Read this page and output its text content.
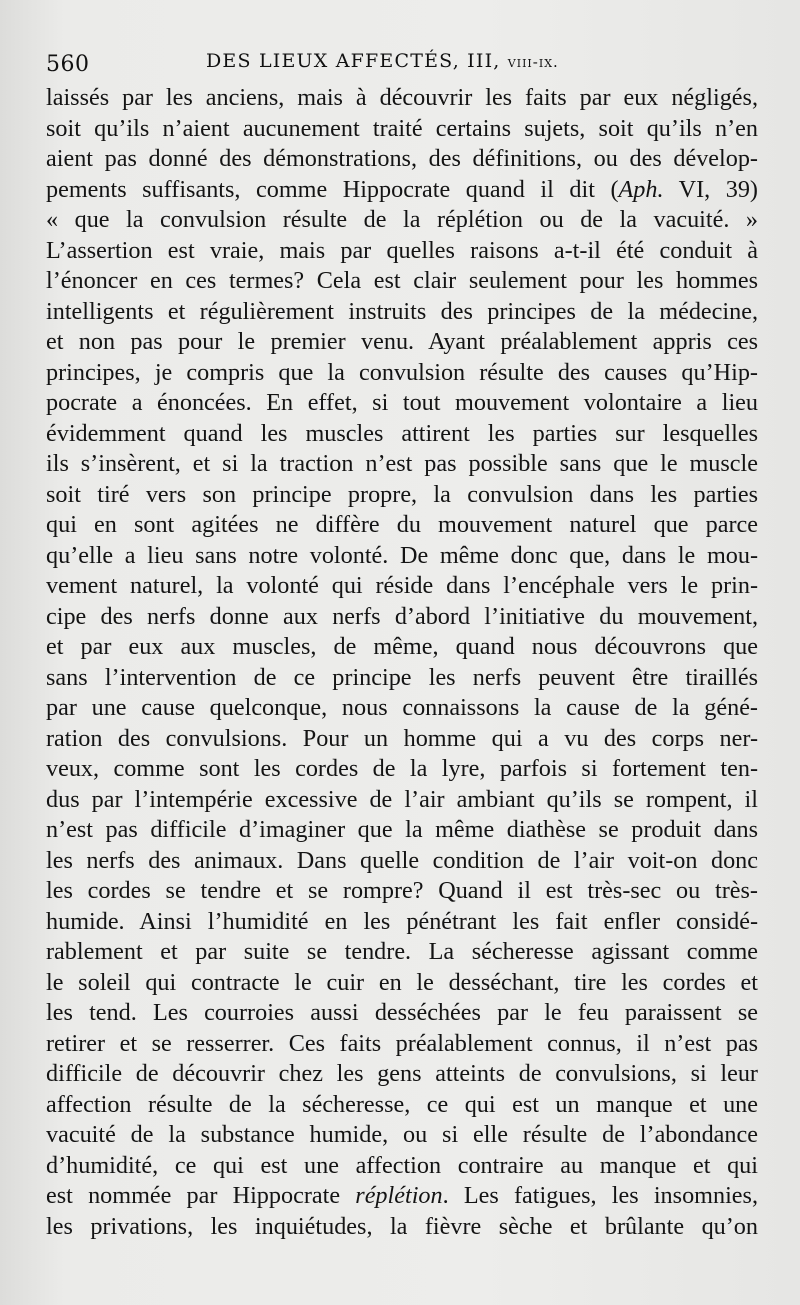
560	DES LIEUX AFFECTÉS, III, viii-ix.
laissés par les anciens, mais à découvrir les faits par eux négligés,
soit qu’ils n’aient aucunement traité certains sujets, soit qu’ils n’en
aient pas donné des démonstrations, des définitions, ou des dévelop-
pements suffisants, comme Hippocrate quand il dit (Aph. VI, 39)
« que la convulsion résulte de la réplétion ou de la vacuité. »
L’assertion est vraie, mais par quelles raisons a-t-il été conduit à
l’énoncer en ces termes? Cela est clair seulement pour les hommes
intelligents et régulièrement instruits des principes de la médecine,
et non pas pour le premier venu. Ayant préalablement appris ces
principes, je compris que la convulsion résulte des causes qu’Hip-
pocrate a énoncées. En effet, si tout mouvement volontaire a lieu
évidemment quand les muscles attirent les parties sur lesquelles
ils s’insèrent, et si la traction n’est pas possible sans que le muscle
soit tiré vers son principe propre, la convulsion dans les parties
qui en sont agitées ne diffère du mouvement naturel que parce
qu’elle a lieu sans notre volonté. De même donc que, dans le mou-
vement naturel, la volonté qui réside dans l’encéphale vers le prin-
cipe des nerfs donne aux nerfs d’abord l’initiative du mouvement,
et par eux aux muscles, de même, quand nous découvrons que
sans l’intervention de ce principe les nerfs peuvent être tiraillés
par une cause quelconque, nous connaissons la cause de la géné-
ration des convulsions. Pour un homme qui a vu des corps ner-
veux, comme sont les cordes de la lyre, parfois si fortement ten-
dus par l’intempérie excessive de l’air ambiant qu’ils se rompent, il
n’est pas difficile d’imaginer que la même diathèse se produit dans
les nerfs des animaux. Dans quelle condition de l’air voit-on donc
les cordes se tendre et se rompre? Quand il est très-sec ou très-
humide. Ainsi l’humidité en les pénétrant les fait enfler considé-
rablement et par suite se tendre. La sécheresse agissant comme
le soleil qui contracte le cuir en le desséchant, tire les cordes et
les tend. Les courroies aussi desséchées par le feu paraissent se
retirer et se resserrer. Ces faits préalablement connus, il n’est pas
difficile de découvrir chez les gens atteints de convulsions, si leur
affection résulte de la sécheresse, ce qui est un manque et une
vacuité de la substance humide, ou si elle résulte de l’abondance
d’humidité, ce qui est une affection contraire au manque et qui
est nommée par Hippocrate réplétion. Les fatigues, les insomnies,
les privations, les inquiétudes, la fièvre sèche et brûlante qu’on
